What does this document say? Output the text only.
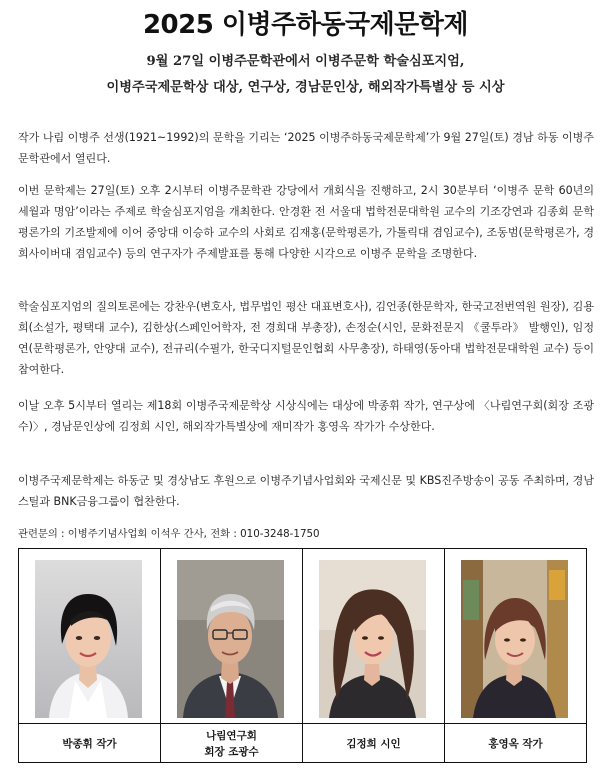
2025 이병주하동국제문학제
9월 27일 이병주문학관에서 이병주문학 학술심포지엄,
이병주국제문학상 대상, 연구상, 경남문인상, 해외작가특별상 등 시상

작가 나림 이병주 선생(1921~1992)의 문학을 기리는 ‘2025 이병주하동국제문학제’가 9월 27일(토) 경남 하동 이병주문학관에서 열린다.

이번 문학제는 27일(토) 오후 2시부터 이병주문학관 강당에서 개회식을 진행하고, 2시 30분부터 ‘이병주 문학 60년의 세월과 명암’이라는 주제로 학술심포지엄을 개최한다. 안경환 전 서울대 법학전문대학원 교수의 기조강연과 김종회 문학평론가의 기조발제에 이어 중앙대 이승하 교수의 사회로 김재홍(문학평론가, 가톨릭대 겸임교수), 조동범(문학평론가, 경희사이버대 겸임교수) 등의 연구자가 주제발표를 통해 다양한 시각으로 이병주 문학을 조명한다.

학술심포지엄의 질의토론에는 강찬우(변호사, 법무법인 평산 대표변호사), 김언종(한문학자, 한국고전번역원 원장), 김용희(소설가, 평택대 교수), 김한상(스페인어학자, 전 경희대 부총장), 손정순(시인, 문화전문지 《쿨투라》 발행인), 임정연(문학평론가, 안양대 교수), 전규리(수필가, 한국디지털문인협회 사무총장), 하태영(동아대 법학전문대학원 교수) 등이 참여한다.

이날 오후 5시부터 열리는 제18회 이병주국제문학상 시상식에는 대상에 박종휘 작가, 연구상에 〈나림연구회(회장 조광수)〉, 경남문인상에 김정희 시인, 해외작가특별상에 재미작가 홍영옥 작가가 수상한다.

이병주국제문학제는 하동군 및 경상남도 후원으로 이병주기념사업회와 국제신문 및 KBS진주방송이 공동 주최하며, 경남스틸과 BNK금융그룹이 협찬한다.

관련문의 : 이병주기념사업회 이석우 간사, 전화 : 010-3248-1750
박종휘 작가
나림연구회
회장 조광수
김정희 시인	홍영옥 작가
